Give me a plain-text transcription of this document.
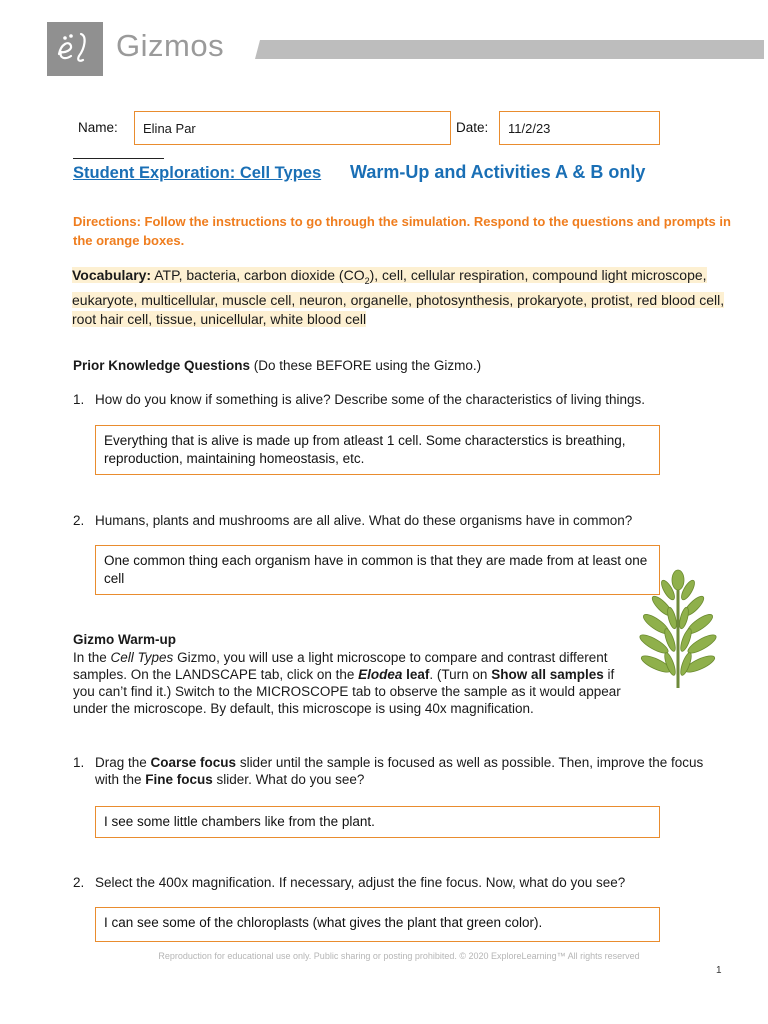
Gizmos
Name:	Elina Par	Date:	11/2/23
Student Exploration: Cell Types Warm-Up and Activities A & B only
Directions: Follow the instructions to go through the simulation. Respond to the questions and prompts in the orange boxes.
Vocabulary: ATP, bacteria, carbon dioxide $(CO_2)$, cell, cellular respiration, compound light microscope, eukaryote, multicellular, muscle cell, neuron, organelle, photosynthesis, prokaryote, protist, red blood cell, root hair cell, tissue, unicellular, white blood cell
Prior Knowledge Questions (Do these BEFORE using the Gizmo.)
1. How do you know if something is alive? Describe some of the characteristics of living things.
Everything that is alive is made up from atleast 1 cell. Some characterstics is breathing, reproduction, maintaining homeostasis, etc.
2. Humans, plants and mushrooms are all alive. What do these organisms have in common?
One common thing each organism have in common is that they are made from at least one cell
Gizmo Warm-up
In the Cell Types Gizmo, you will use a light microscope to compare and contrast different samples. On the LANDSCAPE tab, click on the Elodea leaf. (Turn on Show all samples if you can’t find it.) Switch to the MICROSCOPE tab to observe the sample as it would appear under the microscope. By default, this microscope is using 40x magnification.
1. Drag the Coarse focus slider until the sample is focused as well as possible. Then, improve the focus with the Fine focus slider. What do you see?
I see some little chambers like from the plant.
2. Select the 400x magnification. If necessary, adjust the fine focus. Now, what do you see?
I can see some of the chloroplasts (what gives the plant that green color).
Reproduction for educational use only. Public sharing or posting prohibited. © 2020 ExploreLearning™ All rights reserved
1
